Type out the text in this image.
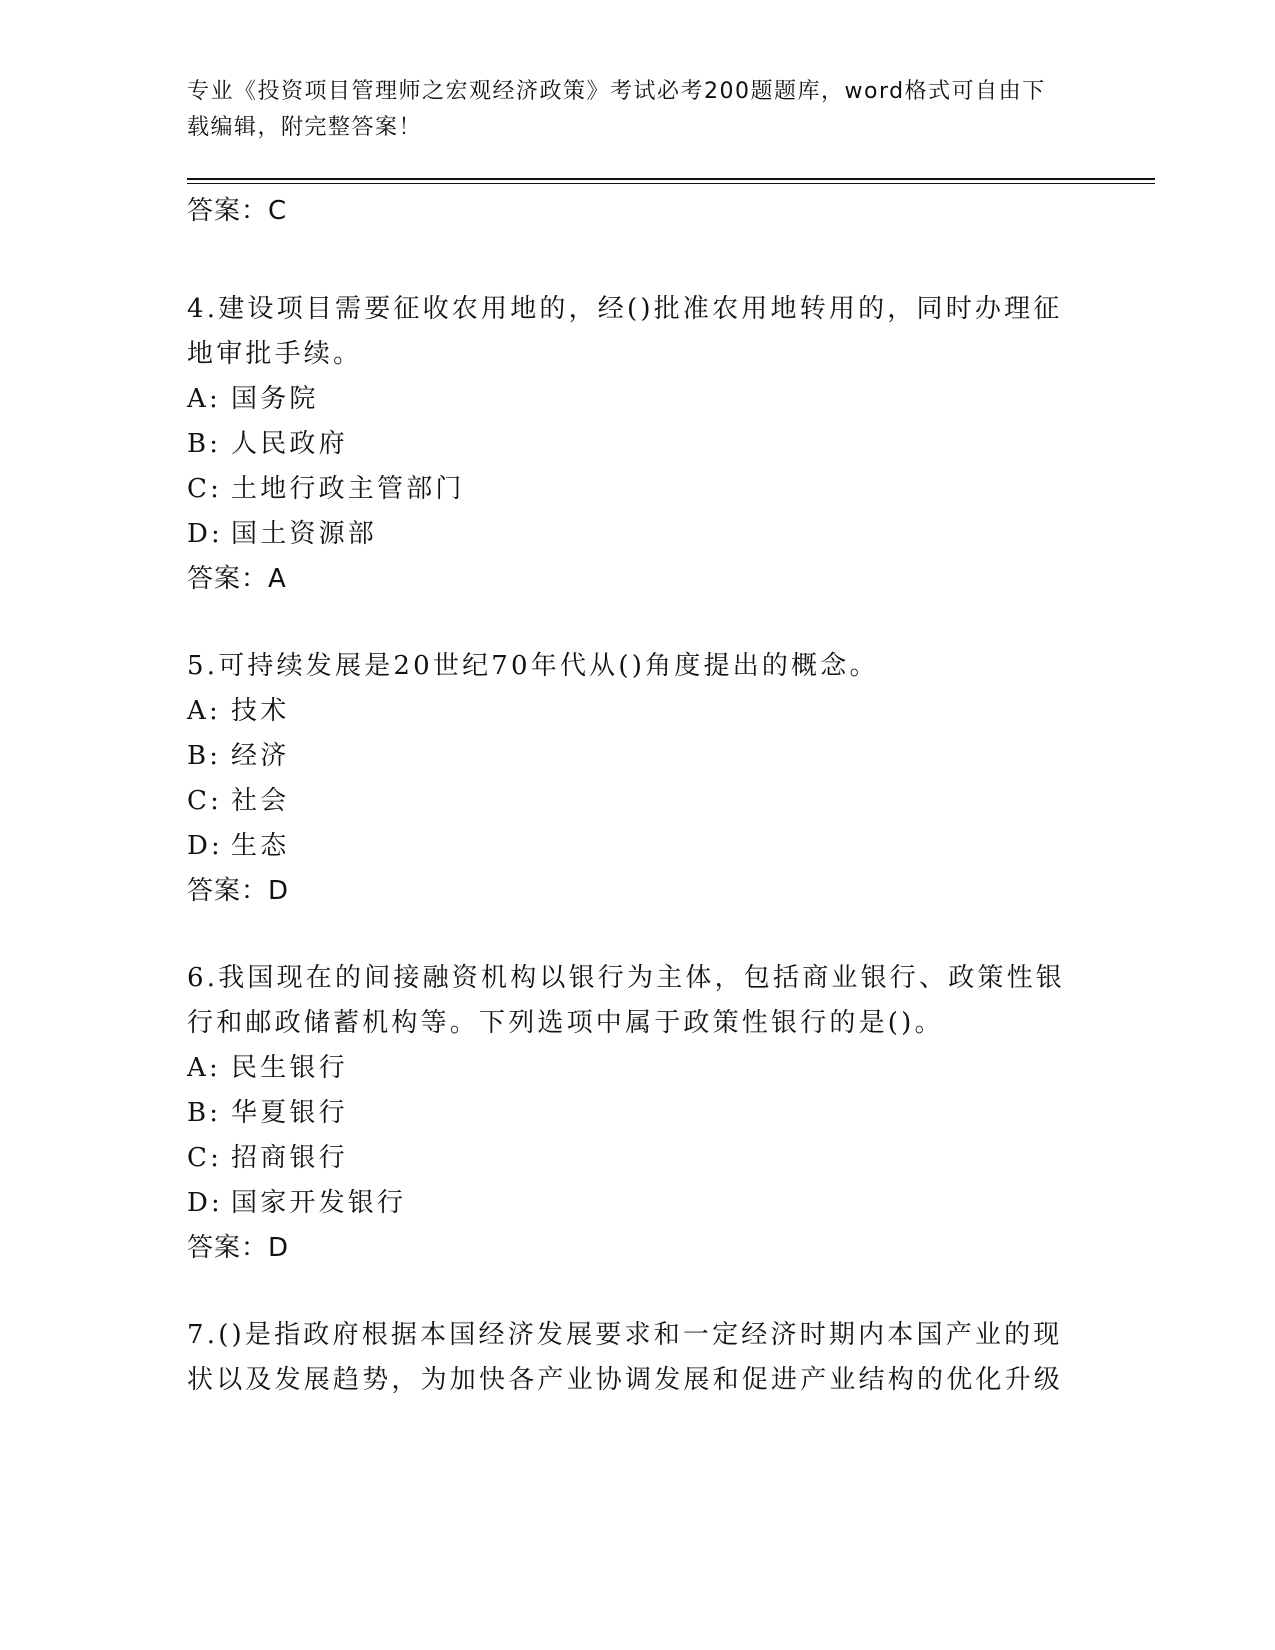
专业《投资项目管理师之宏观经济政策》考试必考200题题库，word格式可自由下载编辑，附完整答案！

答案：C

4.建设项目需要征收农用地的，经()批准农用地转用的，同时办理征地审批手续。

A: 国务院

B: 人民政府

C: 土地行政主管部门

D: 国土资源部

答案：A

5.可持续发展是20世纪70年代从()角度提出的概念。

A: 技术

B: 经济

C: 社会

D: 生态

答案：D

6.我国现在的间接融资机构以银行为主体，包括商业银行、政策性银行和邮政储蓄机构等。下列选项中属于政策性银行的是()。

A: 民生银行

B: 华夏银行

C: 招商银行

D: 国家开发银行

答案：D

7.()是指政府根据本国经济发展要求和一定经济时期内本国产业的现状以及发展趋势，为加快各产业协调发展和促进产业结构的优化升级
